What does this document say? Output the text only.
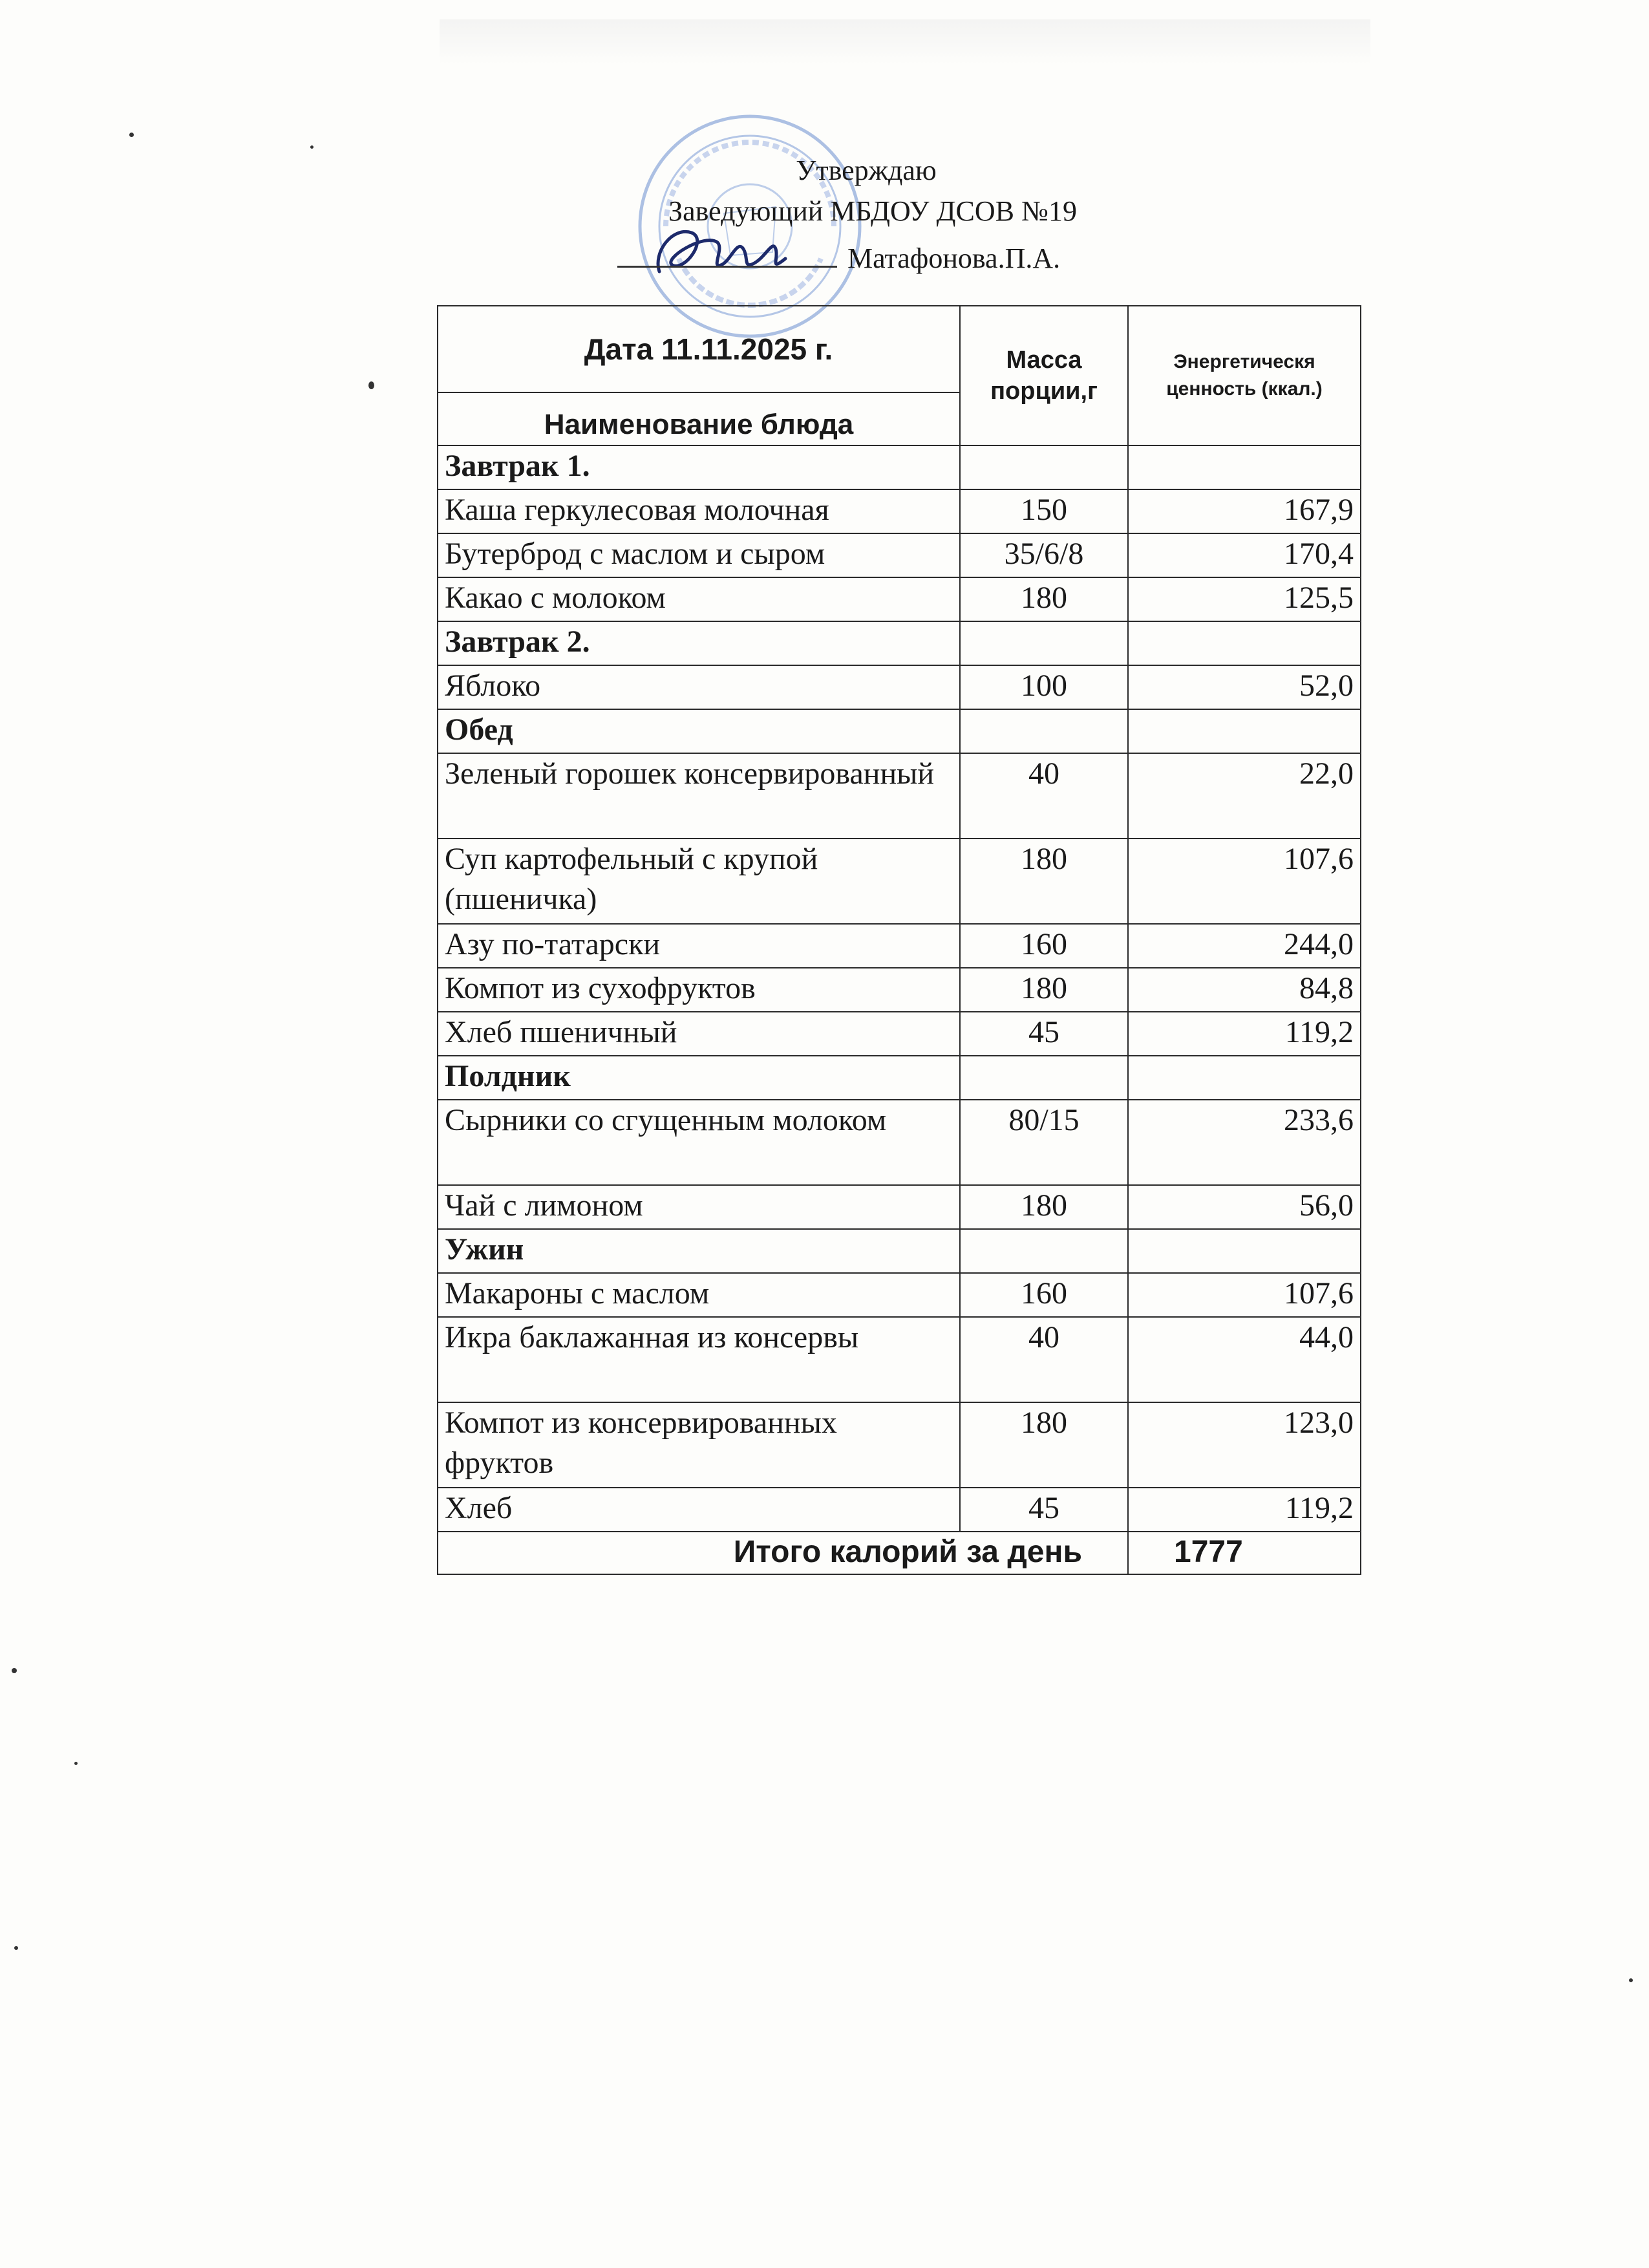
Утверждаю
Заведующий МБДОУ ДСОВ №19
Матафонова.П.А.
Дата 11.11.2025 г.	Масса порции,г	Энергетическя ценность (ккал.)
Наименование блюда		
Завтрак 1.		
Каша геркулесовая молочная	150	167,9
Бутерброд с маслом и сыром	35/6/8	170,4
Какао с молоком	180	125,5
Завтрак 2.		
Яблоко	100	52,0
Обед		
Зеленый горошек консервированный	40	22,0
Суп картофельный с крупой (пшеничка)	180	107,6
Азу по-татарски	160	244,0
Компот из сухофруктов	180	84,8
Хлеб пшеничный	45	119,2
Полдник		
Сырники со сгущенным молоком	80/15	233,6
Чай с лимоном	180	56,0
Ужин		
Макароны с маслом	160	107,6
Икра баклажанная из консервы	40	44,0
Компот из консервированных фруктов	180	123,0
Хлеб	45	119,2
Итого калорий за день		1777
